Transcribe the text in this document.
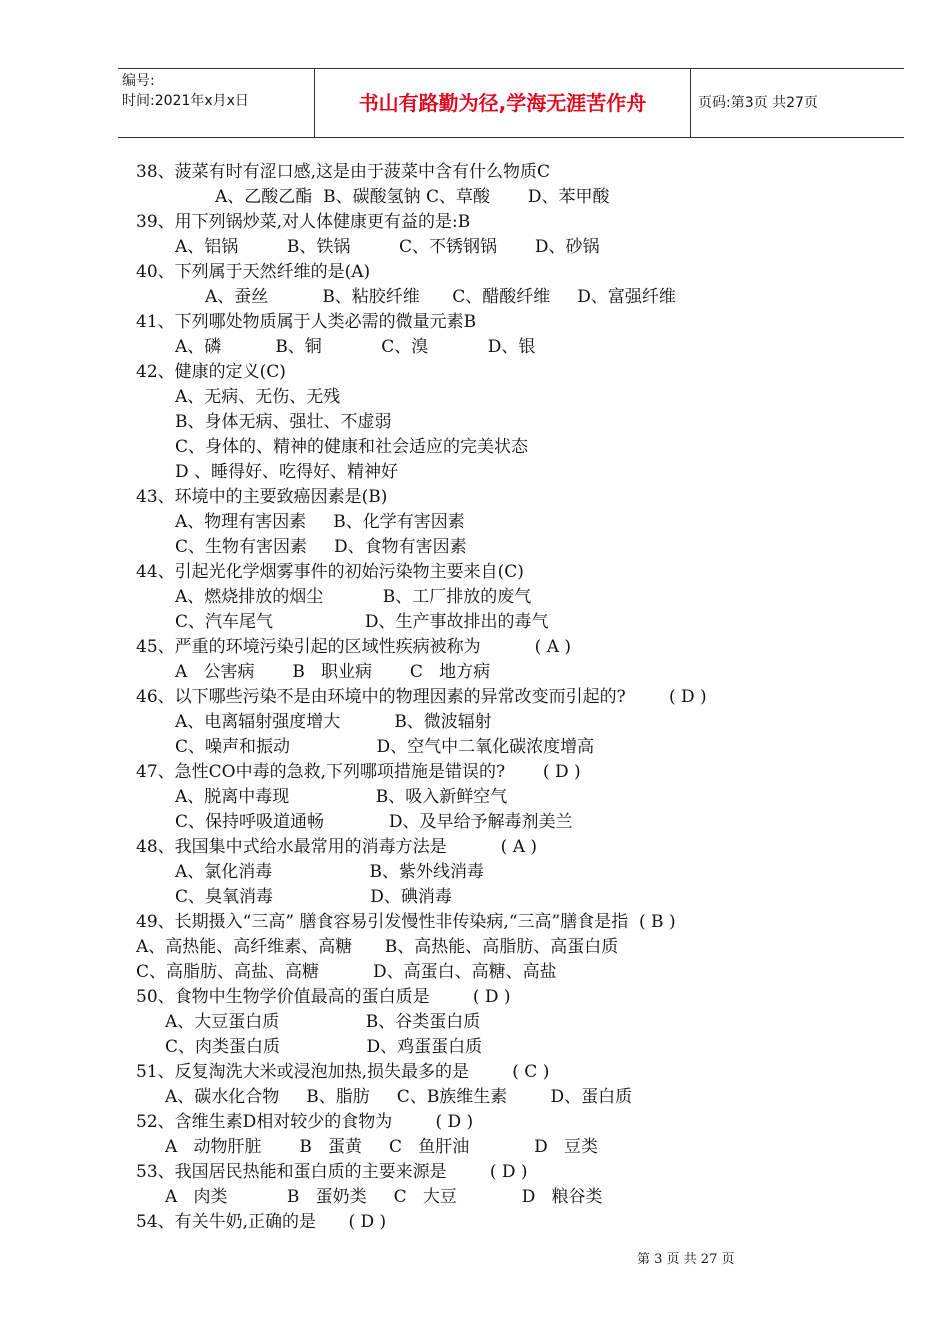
编号:
时间:2021年x月x日	书山有路勤为径,学海无涯苦作舟	页码:第3页 共27页
38、菠菜有时有涩口感,这是由于菠菜中含有什么物质C
A、乙酸乙酯  B、碳酸氢钠 C、草酸       D、苯甲酸
39、用下列锅炒菜,对人体健康更有益的是:B
A、铝锅         B、铁锅         C、不锈钢锅       D、砂锅
40、下列属于天然纤维的是(A)
A、蚕丝          B、粘胶纤维      C、醋酸纤维     D、富强纤维
41、下列哪处物质属于人类必需的微量元素B
A、磷          B、铜           C、溴           D、银
42、健康的定义(C)
A、无病、无伤、无残
B、身体无病、强壮、不虚弱
C、身体的、精神的健康和社会适应的完美状态
D 、睡得好、吃得好、精神好
43、环境中的主要致癌因素是(B)
A、物理有害因素     B、化学有害因素
C、生物有害因素     D、食物有害因素
44、引起光化学烟雾事件的初始污染物主要来自(C)
A、燃烧排放的烟尘           B、工厂排放的废气
C、汽车尾气                 D、生产事故排出的毒气
45、严重的环境污染引起的区域性疾病被称为          ( A )
A   公害病       B   职业病       C   地方病
46、以下哪些污染不是由环境中的物理因素的异常改变而引起的?        ( D )
A、电离辐射强度增大          B、微波辐射
C、噪声和振动                D、空气中二氧化碳浓度增高
47、急性CO中毒的急救,下列哪项措施是错误的?       ( D )
A、脱离中毒现                B、吸入新鲜空气
C、保持呼吸道通畅            D、及早给予解毒剂美兰
48、我国集中式给水最常用的消毒方法是          ( A )
A、氯化消毒                  B、紫外线消毒
C、臭氧消毒                  D、碘消毒
49、长期摄入“三高” 膳食容易引发慢性非传染病,“三高”膳食是指  ( B )
A、高热能、高纤维素、高糖      B、高热能、高脂肪、高蛋白质
C、高脂肪、高盐、高糖          D、高蛋白、高糖、高盐
50、食物中生物学价值最高的蛋白质是        ( D )
A、大豆蛋白质                B、谷类蛋白质
C、肉类蛋白质                D、鸡蛋蛋白质
51、反复淘洗大米或浸泡加热,损失最多的是        ( C )
A、碳水化合物     B、脂肪     C、B族维生素        D、蛋白质
52、含维生素D相对较少的食物为        ( D )
A   动物肝脏       B   蛋黄     C   鱼肝油            D   豆类
53、我国居民热能和蛋白质的主要来源是        ( D )
A   肉类           B   蛋奶类     C   大豆            D   粮谷类
54、有关牛奶,正确的是      ( D )
第 3 页 共 27 页
